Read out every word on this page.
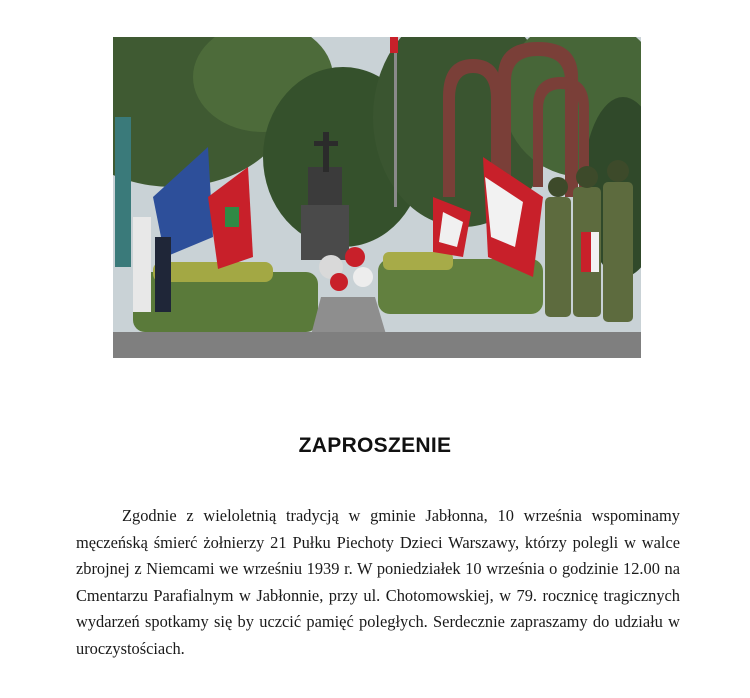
ZAPROSZENIE

Zgodnie z wieloletnią tradycją w gminie Jabłonna, 10 września wspominamy męczeńską śmierć żołnierzy 21 Pułku Piechoty Dzieci Warszawy, którzy polegli w walce zbrojnej z Niemcami we wrześniu 1939 r. W poniedziałek 10 września o godzinie 12.00 na Cmentarzu Parafialnym w Jabłonnie, przy ul. Chotomowskiej, w 79. rocznicę tragicznych wydarzeń spotkamy się by uczcić pamięć poległych. Serdecznie zapraszamy do udziału w uroczystościach.
